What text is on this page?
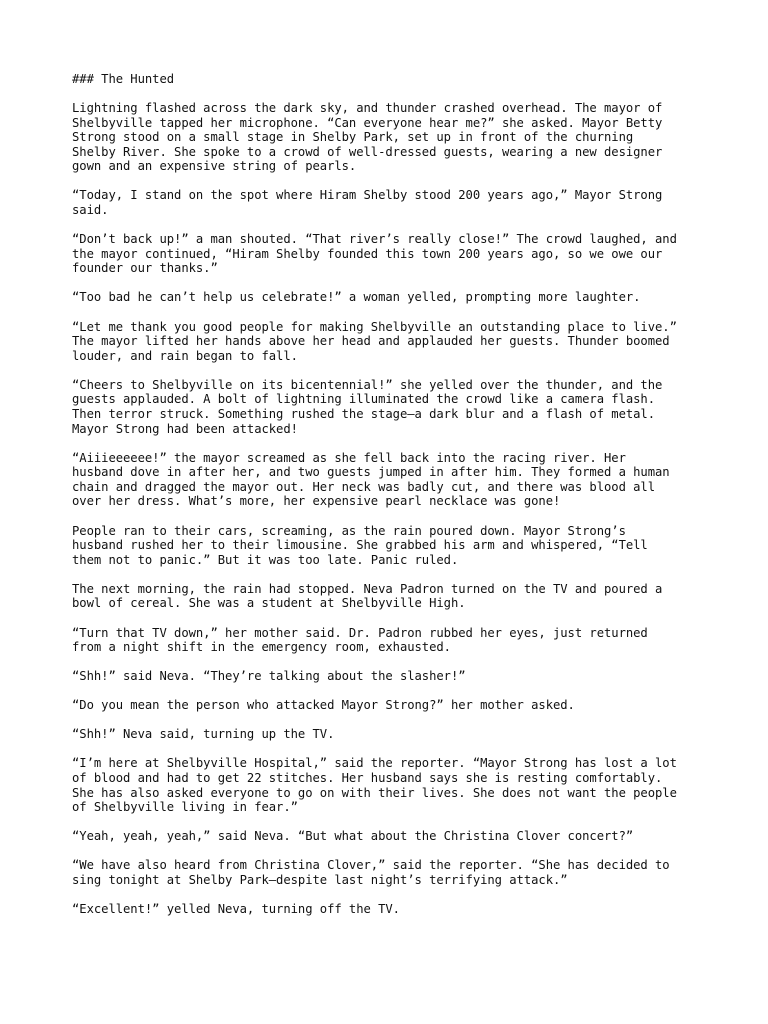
### The Hunted

Lightning flashed across the dark sky, and thunder crashed overhead. The mayor of
Shelbyville tapped her microphone. “Can everyone hear me?” she asked. Mayor Betty
Strong stood on a small stage in Shelby Park, set up in front of the churning
Shelby River. She spoke to a crowd of well-dressed guests, wearing a new designer
gown and an expensive string of pearls.

“Today, I stand on the spot where Hiram Shelby stood 200 years ago,” Mayor Strong
said.

“Don’t back up!” a man shouted. “That river’s really close!” The crowd laughed, and
the mayor continued, “Hiram Shelby founded this town 200 years ago, so we owe our
founder our thanks.”

“Too bad he can’t help us celebrate!” a woman yelled, prompting more laughter.

“Let me thank you good people for making Shelbyville an outstanding place to live.”
The mayor lifted her hands above her head and applauded her guests. Thunder boomed
louder, and rain began to fall.

“Cheers to Shelbyville on its bicentennial!” she yelled over the thunder, and the
guests applauded. A bolt of lightning illuminated the crowd like a camera flash.
Then terror struck. Something rushed the stage—a dark blur and a flash of metal.
Mayor Strong had been attacked!

“Aiiieeeeee!” the mayor screamed as she fell back into the racing river. Her
husband dove in after her, and two guests jumped in after him. They formed a human
chain and dragged the mayor out. Her neck was badly cut, and there was blood all
over her dress. What’s more, her expensive pearl necklace was gone!

People ran to their cars, screaming, as the rain poured down. Mayor Strong’s
husband rushed her to their limousine. She grabbed his arm and whispered, “Tell
them not to panic.” But it was too late. Panic ruled.

The next morning, the rain had stopped. Neva Padron turned on the TV and poured a
bowl of cereal. She was a student at Shelbyville High.

“Turn that TV down,” her mother said. Dr. Padron rubbed her eyes, just returned
from a night shift in the emergency room, exhausted.

“Shh!” said Neva. “They’re talking about the slasher!”

“Do you mean the person who attacked Mayor Strong?” her mother asked.

“Shh!” Neva said, turning up the TV.

“I’m here at Shelbyville Hospital,” said the reporter. “Mayor Strong has lost a lot
of blood and had to get 22 stitches. Her husband says she is resting comfortably.
She has also asked everyone to go on with their lives. She does not want the people
of Shelbyville living in fear.”

“Yeah, yeah, yeah,” said Neva. “But what about the Christina Clover concert?”

“We have also heard from Christina Clover,” said the reporter. “She has decided to
sing tonight at Shelby Park—despite last night’s terrifying attack.”

“Excellent!” yelled Neva, turning off the TV.
